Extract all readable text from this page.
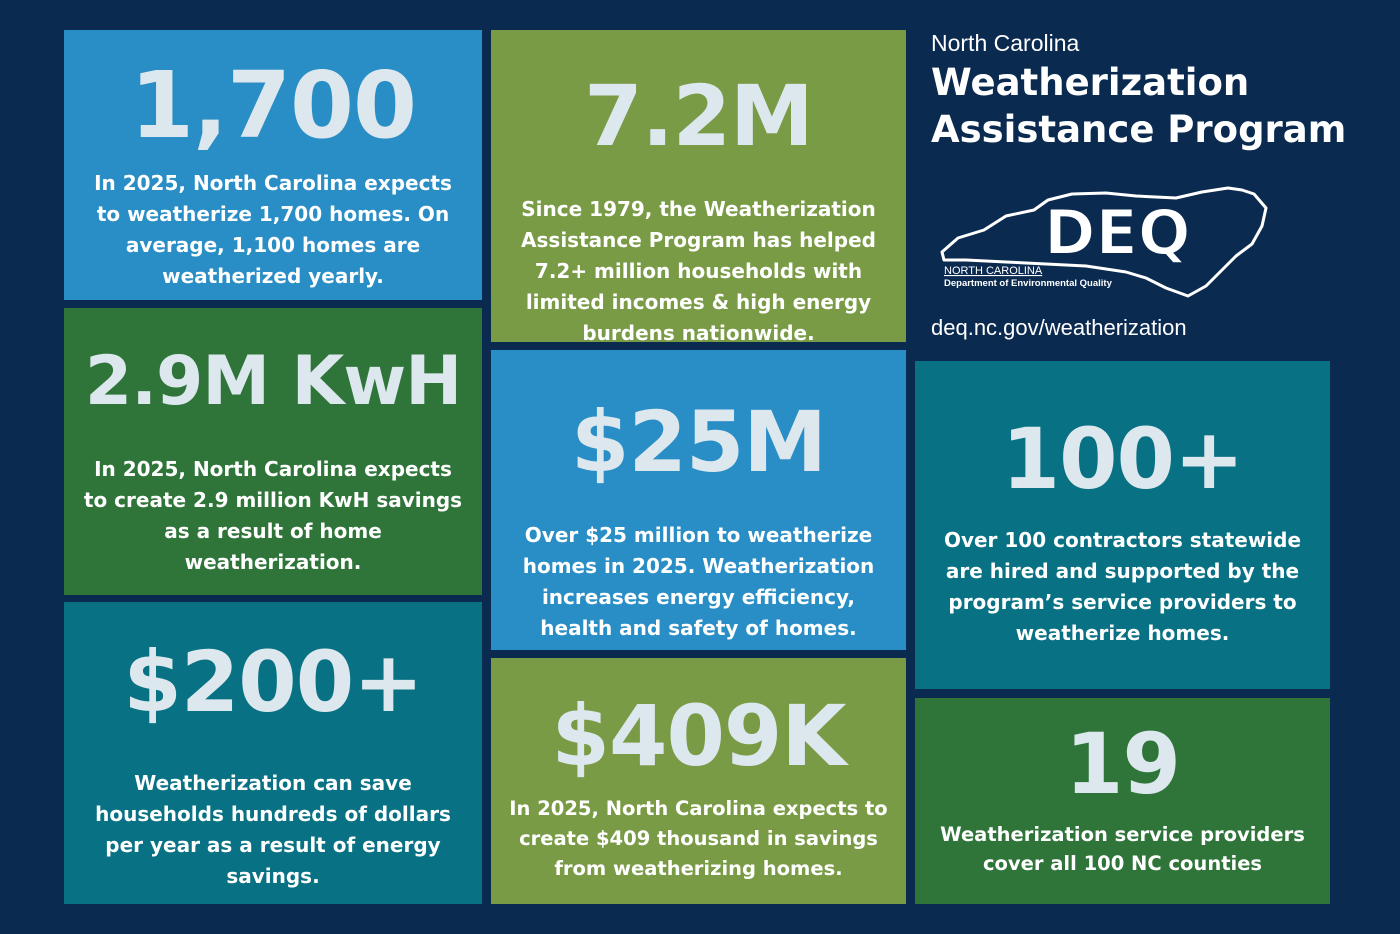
1,700
In 2025, North Carolina expects to weatherize 1,700 homes. On average, 1,100 homes are weatherized yearly.
2.9M KwH
In 2025, North Carolina expects to create 2.9 million KwH savings as a result of home weatherization.
$200+
Weatherization can save households hundreds of dollars per year as a result of energy savings.
7.2M
Since 1979, the Weatherization Assistance Program has helped 7.2+ million households with limited incomes & high energy burdens nationwide.
$25M
Over $25 million to weatherize homes in 2025. Weatherization increases energy efficiency, health and safety of homes.
$409K
In 2025, North Carolina expects to create $409 thousand in savings from weatherizing homes.
North Carolina
Weatherization
Assistance Program
DEQ
NORTH CAROLINA
Department of Environmental Quality
deq.nc.gov/weatherization
100+
Over 100 contractors statewide are hired and supported by the program’s service providers to weatherize homes.
19
Weatherization service providers cover all 100 NC counties
